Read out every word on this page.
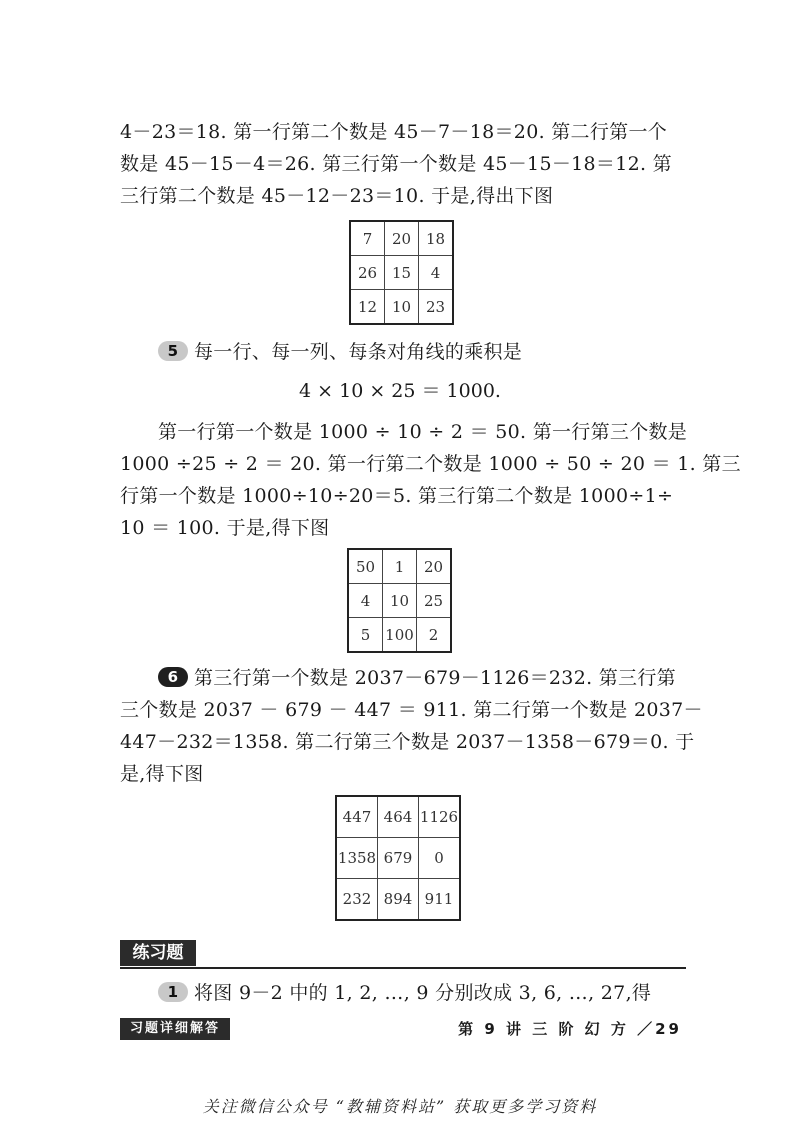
4－23＝18. 第一行第二个数是 45－7－18＝20. 第二行第一个
数是 45－15－4＝26. 第三行第一个数是 45－15－18＝12. 第
三行第二个数是 45－12－23＝10. 于是,得出下图
7	20	18
26	15	4
12	10	23
5 每一行、每一列、每条对角线的乘积是
4 × 10 × 25 ＝ 1000.
第一行第一个数是 1000 ÷ 10 ÷ 2 ＝ 50. 第一行第三个数是
1000 ÷25 ÷ 2 ＝ 20. 第一行第二个数是 1000 ÷ 50 ÷ 20 ＝ 1. 第三
行第一个数是 1000÷10÷20＝5. 第三行第二个数是 1000÷1÷
10 ＝ 100. 于是,得下图
50	1	20
4	10	25
5	100	2
6 第三行第一个数是 2037－679－1126＝232. 第三行第
三个数是 2037 － 679 － 447 ＝ 911. 第二行第一个数是 2037－
447－232＝1358. 第二行第三个数是 2037－1358－679＝0. 于
是,得下图
447	464	1126
1358	679	0
232	894	911
练习题
1 将图 9－2 中的 1, 2, …, 9 分别改成 3, 6, …, 27,得
习题详细解答	第 9 讲 三 阶 幻 方 ／29
关注微信公众号 “教辅资料站” 获取更多学习资料
